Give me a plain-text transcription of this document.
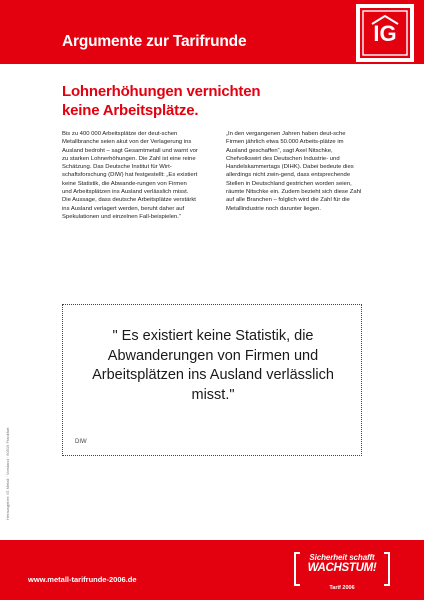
Argumente zur Tarifrunde	IG
Lohnerhöhungen vernichten
keine Arbeitsplätze.
Bis zu 400 000 Arbeitsplätze der deut-schen Metallbranche seien akut von der Verlagerung ins Ausland bedroht – sagt Gesamtmetall und warnt vor zu starken Lohnerhöhungen. Die Zahl ist eine reine Schätzung. Das Deutsche Institut für Wirt-schaftsforschung (DIW) hat festgestellt: „Es existiert keine Statistik, die Abwande-rungen von Firmen und Arbeitsplätzen ins Ausland verlässlich misst. Die Aussage, dass deutsche Arbeitsplätze verstärkt ins Ausland verlagert werden, beruht daher auf Spekulationen und einzelnen Fall-beispielen.“
„In den vergangenen Jahren haben deut-sche Firmen jährlich etwa 50.000 Arbeits-plätze im Ausland geschaffen“, sagt Axel Nitschke, Chefvolkswirt des Deutschen Industrie- und Handelskammertags (DIHK). Dabei bedeute dies allerdings nicht zwin-gend, dass entsprechende Stellen in Deutschland gestrichen worden seien, räumte Nitschke ein. Zudem bezieht sich diese Zahl auf alle Branchen – folglich wird die Zahl für die Metallindustrie noch darunter liegen.
" Es existiert keine Statistik, die Abwanderungen von Firmen und Arbeitsplätzen ins Ausland verlässlich misst."
DIW
Herausgeber: IG Metall · Vorstand · 60519 Frankfurt
www.metall-tarifrunde-2006.de
Sicherheit schafft
WACHSTUM!
Tarif 2006
